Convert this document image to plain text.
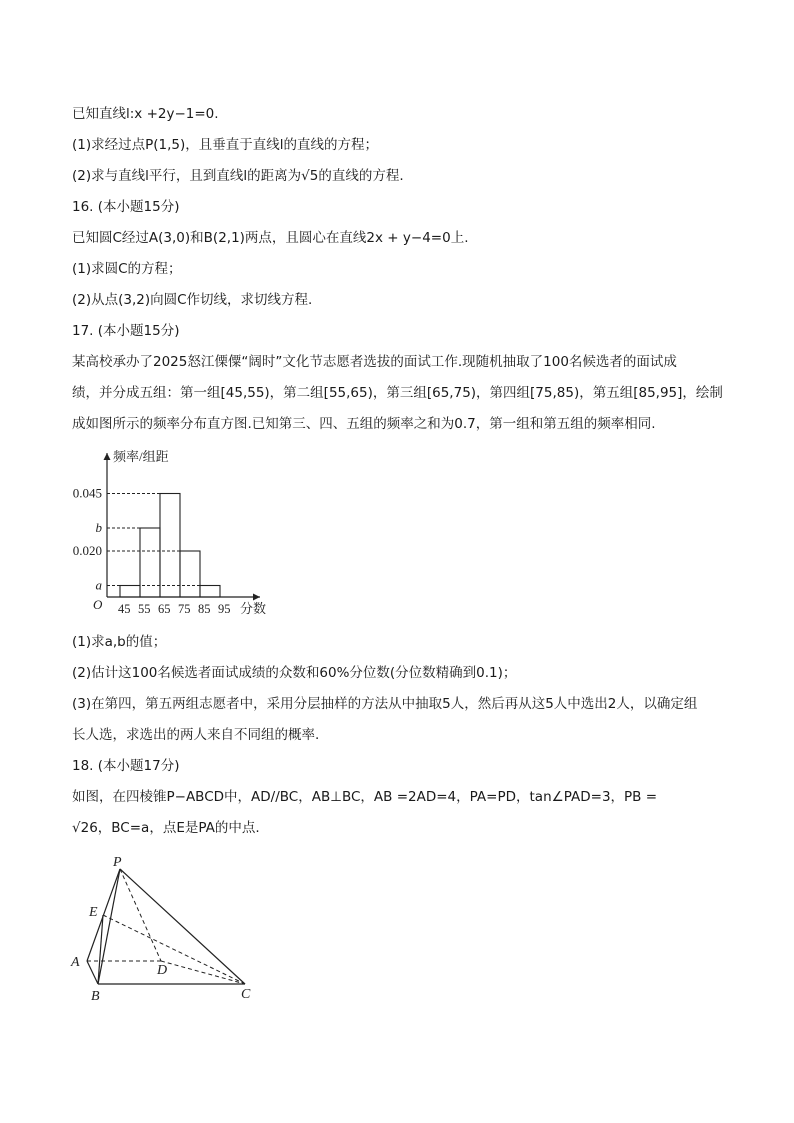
已知直线l:x +2y−1=0.
(1)求经过点P(1,5)，且垂直于直线l的直线的方程；
(2)求与直线l平行，且到直线l的距离为√5的直线的方程.
16. (本小题15分)
已知圆C经过A(3,0)和B(2,1)两点，且圆心在直线2x + y−4=0上.
(1)求圆C的方程；
(2)从点(3,2)向圆C作切线，求切线方程.
17. (本小题15分)
某高校承办了2025怒江傈僳“阔时”文化节志愿者选拔的面试工作.现随机抽取了100名候选者的面试成
绩，并分成五组：第一组[45,55)，第二组[55,65)，第三组[65,75)，第四组[75,85)，第五组[85,95]，绘制
成如图所示的频率分布直方图.已知第三、四、五组的频率之和为0.7，第一组和第五组的频率相同.
0.045
b
0.020
a
45 55 65 75 85 95
频率/组距
分数
O
(1)求a,b的值；
(2)估计这100名候选者面试成绩的众数和60%分位数(分位数精确到0.1)；
(3)在第四，第五两组志愿者中，采用分层抽样的方法从中抽取5人，然后再从这5人中选出2人，以确定组
长人选，求选出的两人来自不同组的概率.
18. (本小题17分)
如图，在四棱锥P−ABCD中，AD//BC，AB⊥BC，AB =2AD=4，PA=PD，tan∠PAD=3，PB =
√26，BC=a，点E是PA的中点.
P
E
A
D
B	C
